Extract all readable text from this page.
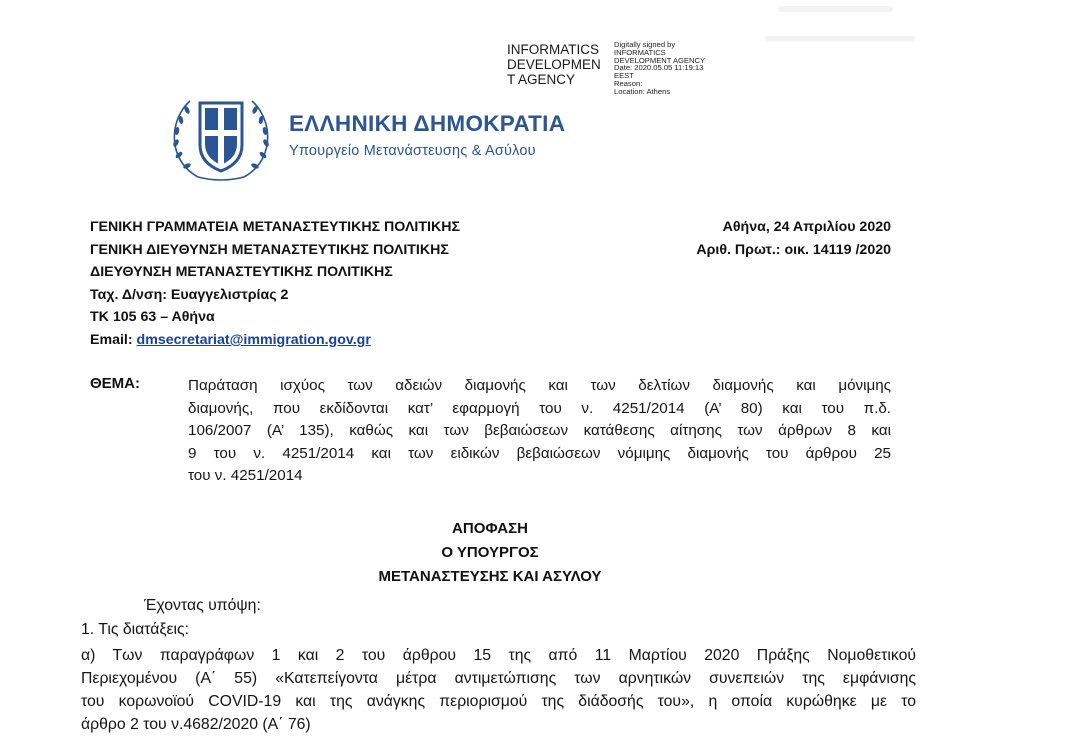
INFORMATICS
DEVELOPMEN
T AGENCY
Digitally signed by
INFORMATICS
DEVELOPMENT AGENCY
Date: 2020.05.05 11:19:13
EEST
Reason:
Location: Athens
ΕΛΛΗΝΙΚΗ ΔΗΜΟΚΡΑΤΙΑ
Υπουργείο Μετανάστευσης & Ασύλου
ΓΕΝΙΚΗ ΓΡΑΜΜΑΤΕΙΑ ΜΕΤΑΝΑΣΤΕΥΤΙΚΗΣ ΠΟΛΙΤΙΚΗΣ
ΓΕΝΙΚΗ ΔΙΕΥΘΥΝΣΗ ΜΕΤΑΝΑΣΤΕΥΤΙΚΗΣ ΠΟΛΙΤΙΚΗΣ
ΔΙΕΥΘΥΝΣΗ ΜΕΤΑΝΑΣΤΕΥΤΙΚΗΣ ΠΟΛΙΤΙΚΗΣ
Ταχ. Δ/νση: Ευαγγελιστρίας 2
ΤΚ 105 63 – Αθήνα
Email: dmsecretariat@immigration.gov.gr
Αθήνα, 24 Απριλίου 2020
Αριθ. Πρωτ.: οικ. 14119 /2020
ΘΕΜΑ:	Παράταση ισχύος των αδειών διαμονής και των δελτίων διαμονής και μόνιμης
διαμονής, που εκδίδονται κατ’ εφαρμογή του ν. 4251/2014 (Α’ 80) και του π.δ.
106/2007 (Α’ 135), καθώς και των βεβαιώσεων κατάθεσης αίτησης των άρθρων 8 και
9 του ν. 4251/2014 και των ειδικών βεβαιώσεων νόμιμης διαμονής του άρθρου 25
του ν. 4251/2014
ΑΠΟΦΑΣΗ
Ο ΥΠΟΥΡΓΟΣ
ΜΕΤΑΝΑΣΤΕΥΣΗΣ ΚΑΙ ΑΣΥΛΟΥ
Έχοντας υπόψη:
1. Τις διατάξεις:
α) Των παραγράφων 1 και 2 του άρθρου 15 της από 11 Μαρτίου 2020 Πράξης Νομοθετικού
Περιεχομένου (Α΄ 55) «Κατεπείγοντα μέτρα αντιμετώπισης των αρνητικών συνεπειών της εμφάνισης
του κορωνοϊού COVID-19 και της ανάγκης περιορισμού της διάδοσής του», η οποία κυρώθηκε με το
άρθρο 2 του ν.4682/2020 (Α΄ 76)
